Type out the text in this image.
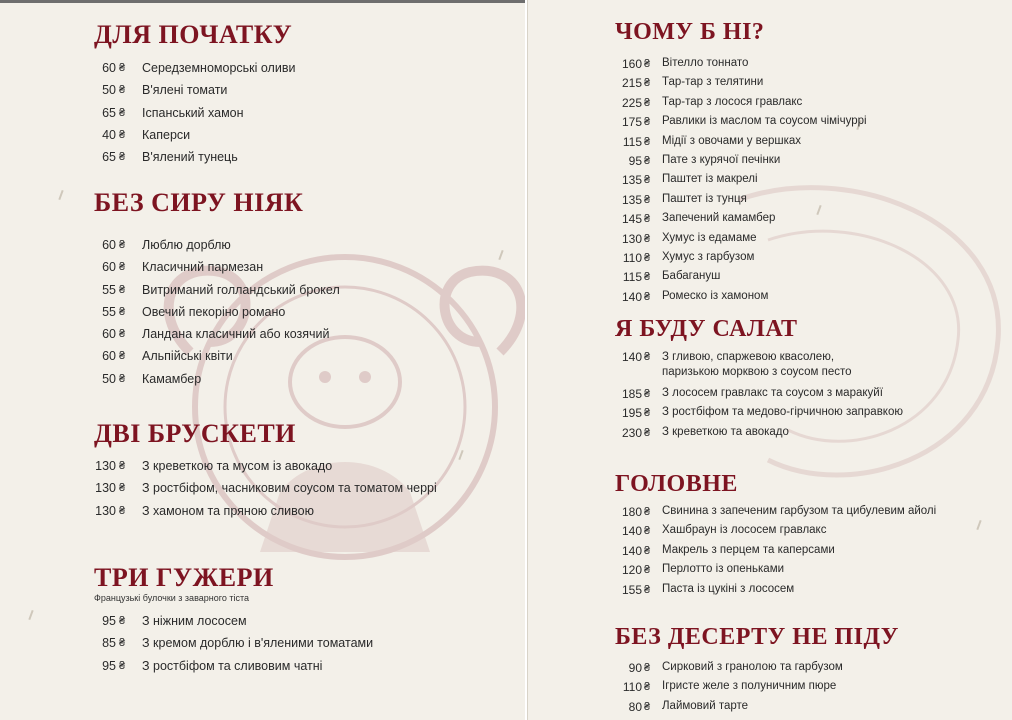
ДЛЯ ПОЧАТКУ
60 ₴ Середземноморські оливи
50 ₴ В'ялені томати
65 ₴ Іспанський хамон
40 ₴ Каперси
65 ₴ В'ялений тунець
БЕЗ СИРУ НІЯК
60 ₴ Люблю дорблю
60 ₴ Класичний пармезан
55 ₴ Витриманий голландський брокел
55 ₴ Овечий пекоріно романо
60 ₴ Ландана класичний або козячий
60 ₴ Альпійські квіти
50 ₴ Камамбер
ДВІ БРУСКЕТИ
130 ₴ З креветкою та мусом із авокадо
130 ₴ З ростбіфом, часниковим соусом та томатом черрі
130 ₴ З хамоном та пряною сливою
ТРИ ГУЖЕРИ
Французькі булочки з заварного тіста
95 ₴ З ніжним лососем
85 ₴ З кремом дорблю і в'яленими томатами
95 ₴ З ростбіфом та сливовим чатні
ЧОМУ Б НІ?
160 ₴ Вітелло тоннато
215 ₴ Тар-тар з телятини
225 ₴ Тар-тар з лосося гравлакс
175 ₴ Равлики із маслом та соусом чімічуррі
115 ₴ Мідії з овочами у вершках
95 ₴ Пате з курячої печінки
135 ₴ Паштет із макрелі
135 ₴ Паштет із тунця
145 ₴ Запечений камамбер
130 ₴ Хумус із едамаме
110 ₴ Хумус з гарбузом
115 ₴ Бабагануш
140 ₴ Ромеско із хамоном
Я БУДУ САЛАТ
140 ₴ З гливою, спаржевою квасолею,
паризькою морквою з соусом песто
185 ₴ З лососем гравлакс та соусом з маракуйї
195 ₴ З ростбіфом та медово-гірчичною заправкою
230 ₴ З креветкою та авокадо
ГОЛОВНЕ
180 ₴ Свинина з запеченим гарбузом та цибулевим айолі
140 ₴ Хашбраун із лососем гравлакс
140 ₴ Макрель з перцем та каперсами
120 ₴ Перлотто із опеньками
155 ₴ Паста із цукіні з лососем
БЕЗ ДЕСЕРТУ НЕ ПІДУ
90 ₴ Сирковий з гранолою та гарбузом
110 ₴ Ігристе желе з полуничним пюре
80 ₴ Лаймовий тарте
